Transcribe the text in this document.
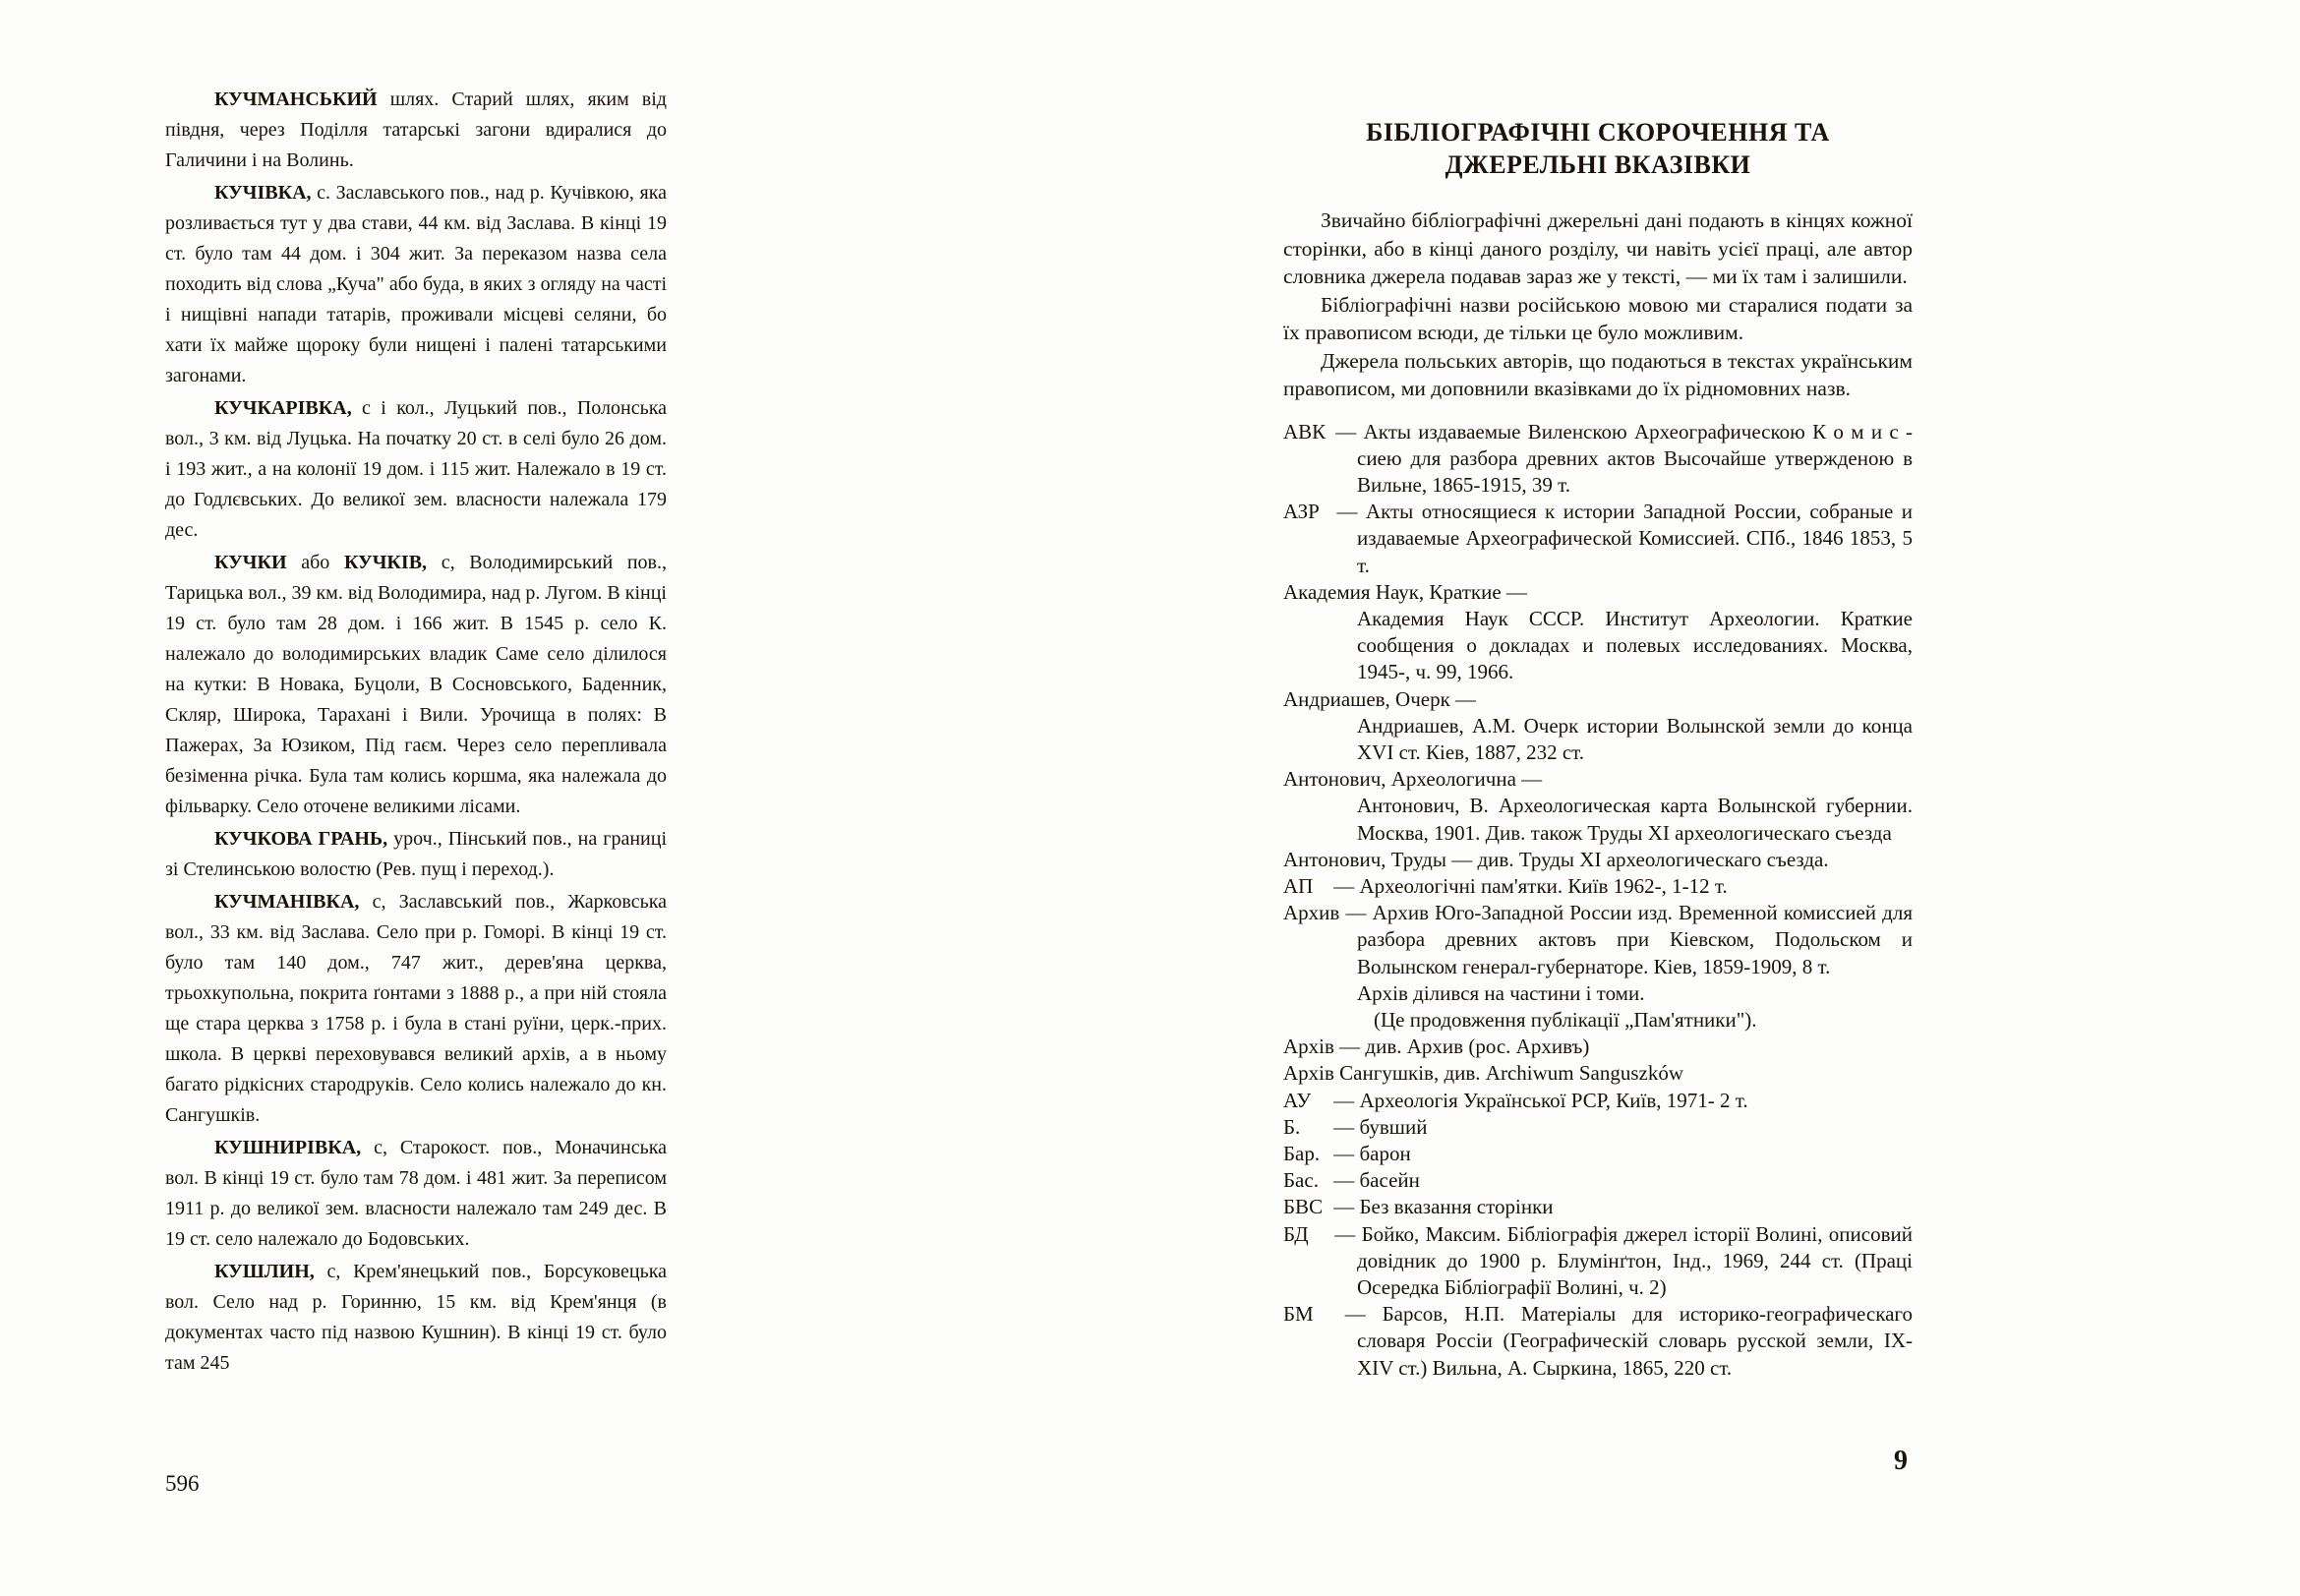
КУЧМАНСЬКИЙ шлях. Старий шлях, яким від півдня, через Поділля татарські загони вдиралися до Галичини і на Волинь.

КУЧІВКА, с. Заславського пов., над р. Кучівкою, яка розливається тут у два стави, 44 км. від Заслава. В кінці 19 ст. було там 44 дом. і 304 жит. За переказом назва села походить від слова „Куча" або буда, в яких з огляду на часті і нищівні напади татарів, проживали місцеві селяни, бо хати їх майже щороку були нищені і палені татарськими загонами.

КУЧКАРІВКА, с і кол., Луцький пов., Полонська вол., 3 км. від Луцька. На початку 20 ст. в селі було 26 дом. і 193 жит., а на колонії 19 дом. і 115 жит. Належало в 19 ст. до Годлєвських. До великої зем. власности належала 179 дес.

КУЧКИ або КУЧКІВ, с, Володимирський пов., Тарицька вол., 39 км. від Володимира, над р. Лугом. В кінці 19 ст. було там 28 дом. і 166 жит. В 1545 р. село К. належало до володимирських владик Саме село ділилося на кутки: В Новака, Буцоли, В Сосновського, Баденник, Скляр, Широка, Тарахані і Вили. Урочища в полях: В Пажерах, За Юзиком, Під гаєм. Через село перепливала безіменна річка. Була там колись коршма, яка належала до фільварку. Село оточене великими лісами.

КУЧКОВА ГРАНЬ, уроч., Пінський пов., на границі зі Стелинською волостю (Рев. пущ і переход.).

КУЧМАНІВКА, с, Заславський пов., Жарковська вол., 33 км. від Заслава. Село при р. Гоморі. В кінці 19 ст. було там 140 дом., 747 жит., дерев'яна церква, трьохкупольна, покрита ґонтами з 1888 р., а при ній стояла ще стара церква з 1758 р. і була в стані руїни, церк.-прих. школа. В церкві переховувався великий архів, а в ньому багато рідкісних стародруків. Село колись належало до кн. Сангушків.

КУШНИРІВКА, с, Старокост. пов., Моначинська вол. В кінці 19 ст. було там 78 дом. і 481 жит. За переписом 1911 р. до великої зем. власности належало там 249 дес. В 19 ст. село належало до Бодовських.

КУШЛИН, с, Крем'янецький пов., Борсуковецька вол. Село над р. Горинню, 15 км. від Крем'янця (в документах часто під назвою Кушнин). В кінці 19 ст. було там 245

596
БІБЛІОГРАФІЧНІ СКОРОЧЕННЯ ТА ДЖЕРЕЛЬНІ ВКАЗІВКИ

Звичайно бібліографічні джерельні дані подають в кінцях кожної сторінки, або в кінці даного розділу, чи навіть усієї праці, але автор словника джерела подавав зараз же у тексті, — ми їх там і залишили.

Бібліографічні назви російською мовою ми старалися подати за їх правописом всюди, де тільки це було можливим.

Джерела польських авторів, що подаються в текстах українським правописом, ми доповнили вказівками до їх рідномовних назв.

АВК — Акты издаваемые Виленскою Археографическою К о м и с - сиею для разбора древних актов Высочайше утвержденою в Вильне, 1865-1915, 39 т.

АЗР — Акты относящиеся к истории Западной России, собраные и издаваемые Археографической Комиссией. СПб., 1846 1853, 5 т.

Академия Наук, Краткие —

Академия Наук СССР. Институт Археологии. Краткие сообщения о докладах и полевых исследованиях. Москва, 1945-, ч. 99, 1966.

Андриашев, Очерк —

Андриашев, А.М. Очерк истории Волынской земли до конца XVI ст. Кіев, 1887, 232 ст.

Антонович, Археологична —

Антонович, В. Археологическая карта Волынской губернии. Москва, 1901. Див. також Труды XI археологическаго съезда

Антонович, Труды — див. Труды XI археологическаго съезда.

АП — Археологічні пам'ятки. Київ 1962-, 1-12 т.

Архив — Архив Юго-Западной России изд. Временной комиссией для разбора древних актовъ при Кіевском, Подольском и Волынском генерал-губернаторе. Кіев, 1859-1909, 8 т.

Архів ділився на частини і томи.

(Це продовження публікації „Пам'ятники").

Архів — див. Архив (рос. Архивъ)

Архів Сангушків, див. Archiwum Sanguszków

АУ — Археологія Української РСР, Київ, 1971- 2 т.

Б. — бувший

Бар. — барон

Бас. — басейн

БВС — Без вказання сторінки

БД — Бойко, Максим. Бібліографія джерел історії Волині, описовий довідник до 1900 р. Блумінґтон, Інд., 1969, 244 ст. (Праці Осередка Бібліографії Волині, ч. 2)

БМ — Барсов, Н.П. Матеріалы для историко-географическаго словаря Россіи (Географическій словарь русской земли, IX-XIV ст.) Вильна, А. Сыркина, 1865, 220 ст.

9
